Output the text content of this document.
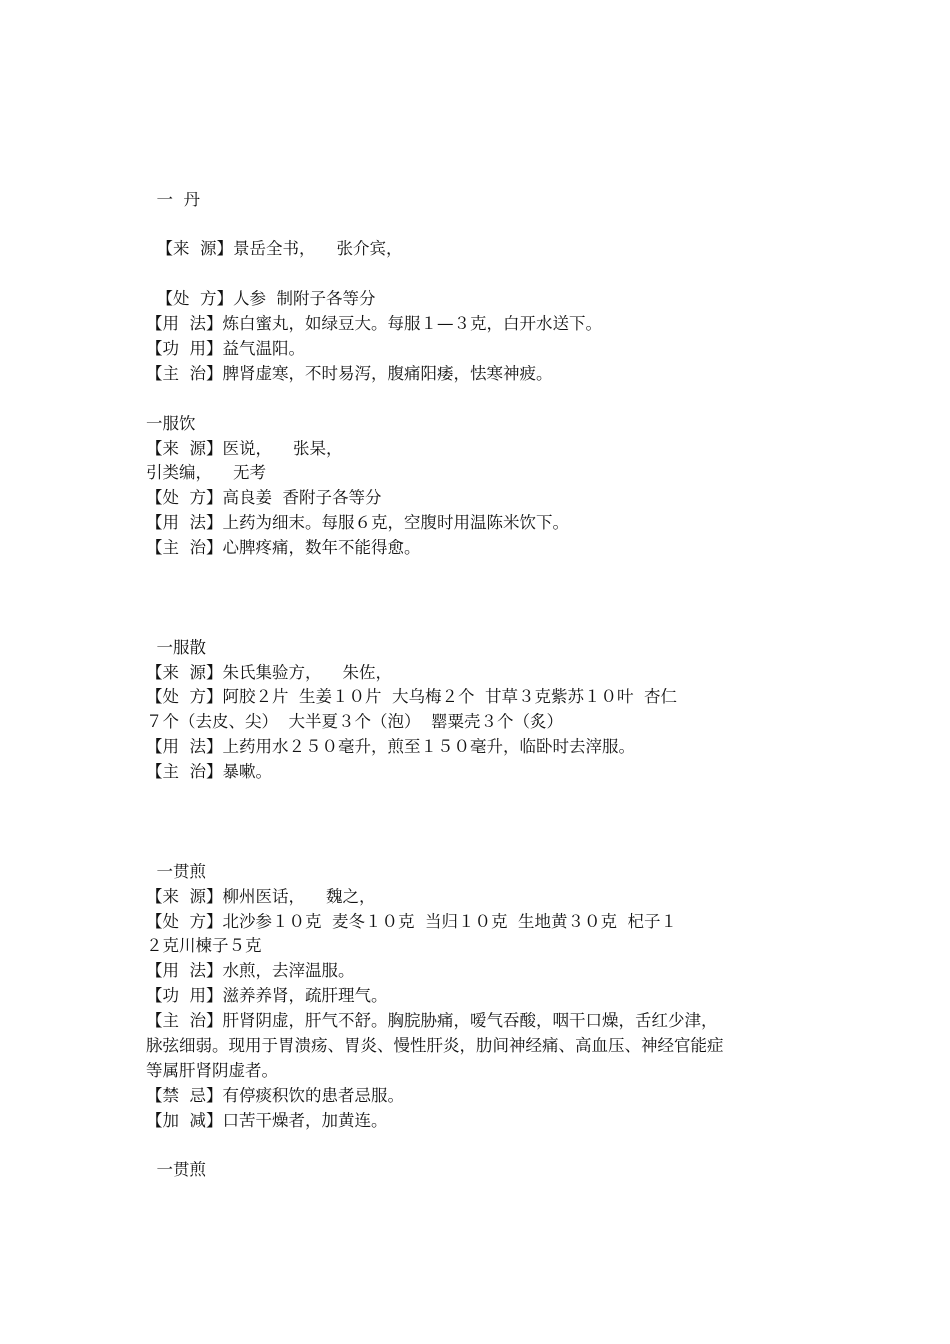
一  丹
【来  源】景岳全书，    张介宾，
【处  方】人参  制附子各等分
【用  法】炼白蜜丸，如绿豆大。每服１—３克，白开水送下。
【功  用】益气温阳。
【主  治】脾肾虚寒，不时易泻，腹痛阳痿，怯寒神疲。
一服饮
【来  源】医说，    张杲，
引类编，    无考
【处  方】高良姜  香附子各等分
【用  法】上药为细末。每服６克，空腹时用温陈米饮下。
【主  治】心脾疼痛，数年不能得愈。

一服散
【来  源】朱氏集验方，    朱佐，
【处  方】阿胶２片  生姜１０片  大乌梅２个  甘草３克紫苏１０叶  杏仁
７个（去皮、尖）  大半夏３个（泡）  罂粟壳３个（炙）
【用  法】上药用水２５０毫升，煎至１５０毫升，临卧时去滓服。
【主  治】暴嗽。

一贯煎
【来  源】柳州医话，    魏之，
【处  方】北沙参１０克  麦冬１０克  当归１０克  生地黄３０克  杞子１
２克川楝子５克
【用  法】水煎，去滓温服。
【功  用】滋养养肾，疏肝理气。
【主  治】肝肾阴虚，肝气不舒。胸脘胁痛，嗳气吞酸，咽干口燥，舌红少津，
脉弦细弱。现用于胃溃疡、胃炎、慢性肝炎，肋间神经痛、高血压、神经官能症
等属肝肾阴虚者。
【禁  忌】有停痰积饮的患者忌服。
【加  减】口苦干燥者，加黄连。
一贯煎
